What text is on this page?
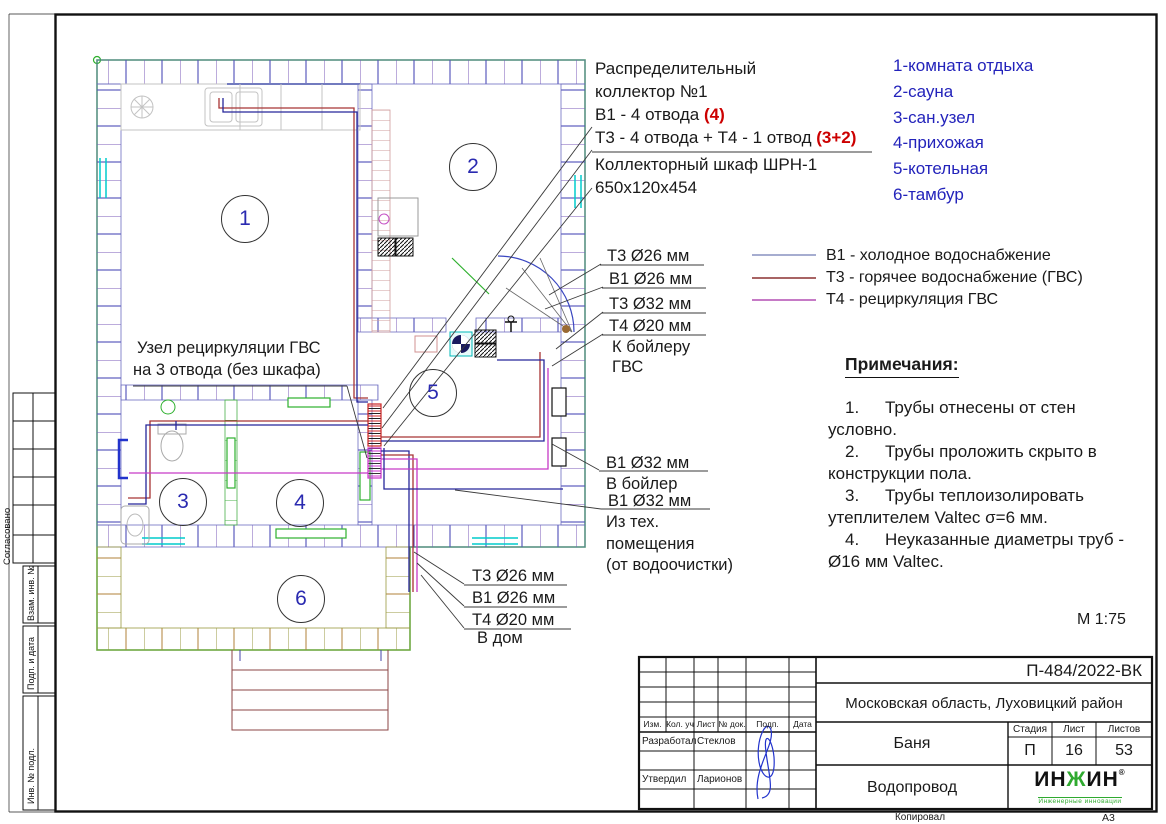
Распределительный
коллектор №1
В1 - 4 отвода (4)
Т3 - 4 отвода + Т4 - 1 отвод (3+2)
Коллекторный шкаф ШРН-1
650х120х454
1-комната отдыха
2-сауна
3-сан.узел
4-прихожая
5-котельная
6-тамбур
В1 - холодное водоснабжение
Т3 - горячее водоснабжение (ГВС)
Т4 - рециркуляция ГВС
1
2
3	4
5
6
Узел рециркуляции ГВС
на 3 отвода (без шкафа)
Т3 Ø26 мм
В1 Ø26 мм
Т3 Ø32 мм
Т4 Ø20 мм
К бойлеру
ГВС
В1 Ø32 мм
В бойлер
В1 Ø32 мм
Из тех.
помещения
(от водоочистки)
Т3 Ø26 мм
В1 Ø26 мм
Т4 Ø20 мм
В дом
Примечания:
1. Трубы отнесены от стен условно.
2. Трубы проложить скрыто в конструкции пола.
3. Трубы теплоизолировать утеплителем Valtec σ=6 мм.
4. Неуказанные диаметры труб - Ø16 мм Valtec.
М 1:75
П-484/2022-ВК
Московская область, Луховицкий район
Баня
Стадия	Лист	Листов
П	16	53
Водопровод
Изм. Кол. уч Лист № док.	Подп.	Дата
Разработал Стеклов
Утвердил Ларионов	ИНЖИН®
Инженерные инновации
Копировал	А3
Согласовано
Взам. инв. №
Подп. и дата
Инв. № подл.
